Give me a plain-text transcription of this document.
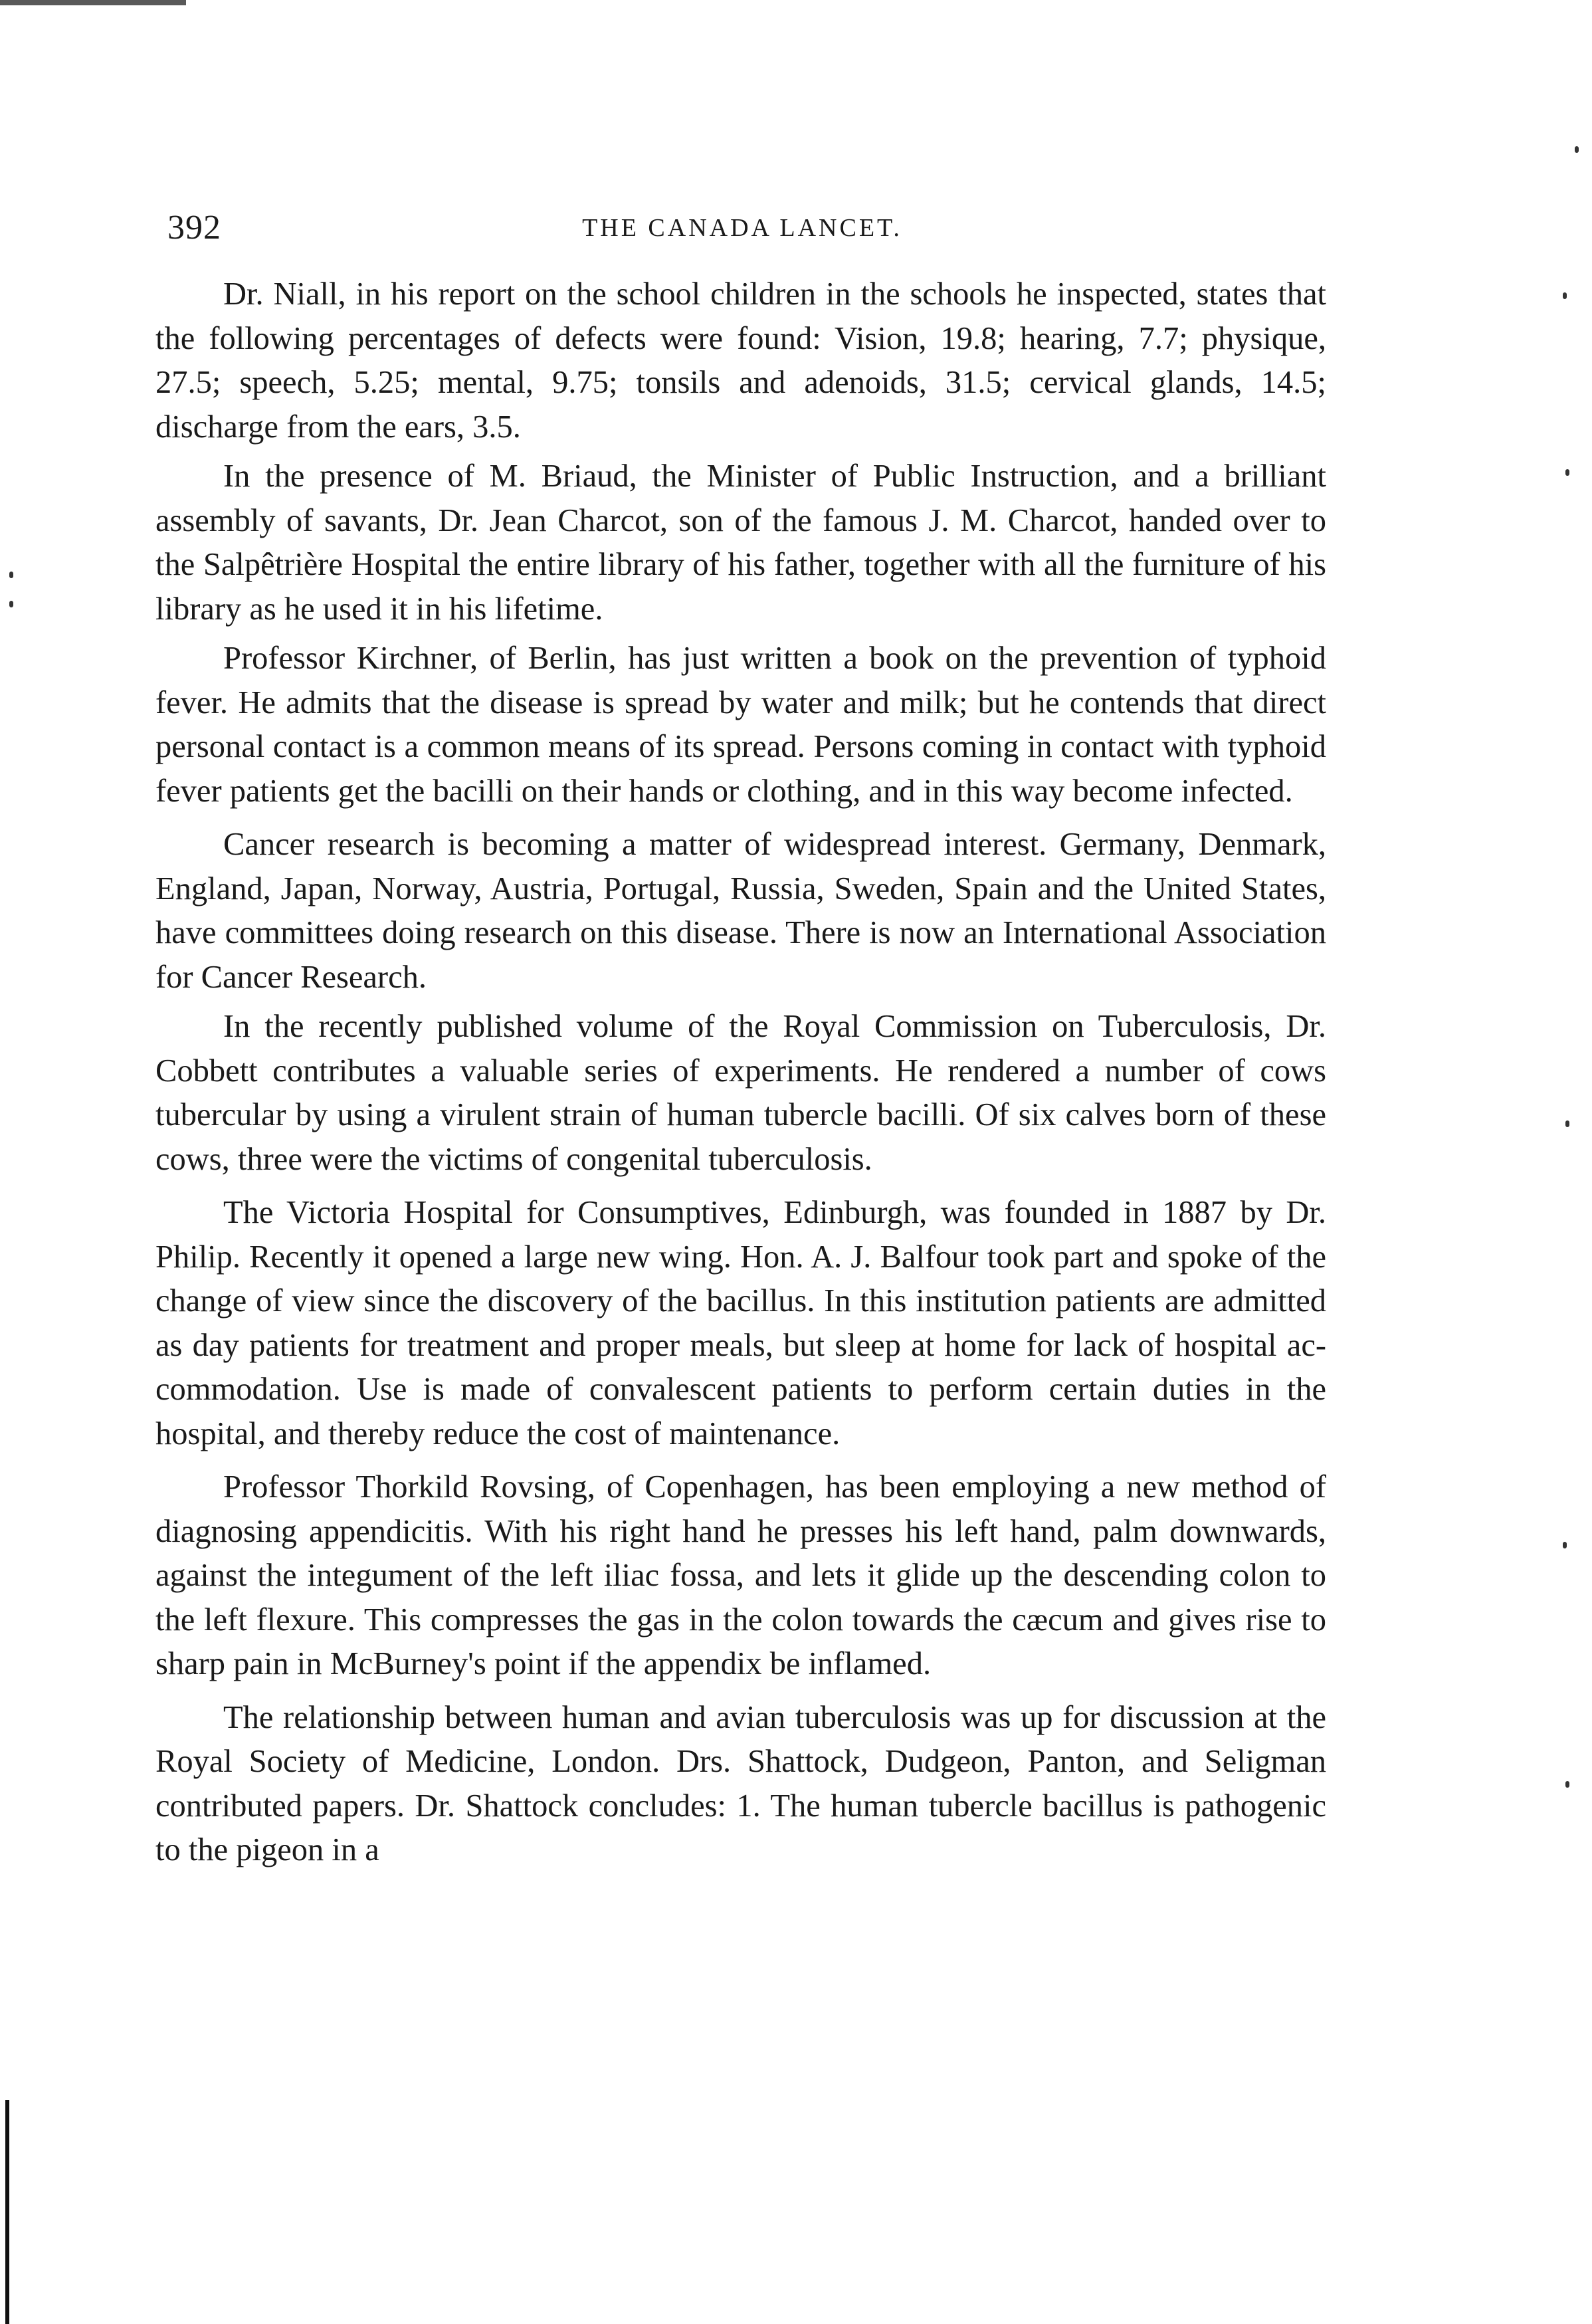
392	THE CANADA LANCET.

Dr. Niall, in his report on the school children in the schools he inspected, states that the following percentages of defects were found: Vision, 19.8; hearing, 7.7; physique, 27.5; speech, 5.25; mental, 9.75; tonsils and adenoids, 31.5; cervical glands, 14.5; discharge from the ears, 3.5.

In the presence of M. Briaud, the Minister of Public Instruction, and a brilliant assembly of savants, Dr. Jean Charcot, son of the famous J. M. Charcot, handed over to the Salpêtrière Hospital the entire library of his father, together with all the furniture of his library as he used it in his lifetime.

Professor Kirchner, of Berlin, has just written a book on the prevention of typhoid fever. He admits that the disease is spread by water and milk; but he contends that direct personal contact is a common means of its spread. Persons coming in contact with typhoid fever patients get the bacilli on their hands or clothing, and in this way become infected.

Cancer research is becoming a matter of widespread interest. Germany, Denmark, England, Japan, Norway, Austria, Portugal, Russia, Sweden, Spain and the United States, have committees doing research on this disease. There is now an International Association for Cancer Research.

In the recently published volume of the Royal Commission on Tuberculosis, Dr. Cobbett contributes a valuable series of experiments. He rendered a number of cows tubercular by using a virulent strain of human tubercle bacilli. Of six calves born of these cows, three were the victims of congenital tuberculosis.

The Victoria Hospital for Consumptives, Edinburgh, was founded in 1887 by Dr. Philip. Recently it opened a large new wing. Hon. A. J. Balfour took part and spoke of the change of view since the discovery of the bacillus. In this institution patients are admitted as day patients for treatment and proper meals, but sleep at home for lack of hospital accommodation. Use is made of convalescent patients to perform certain duties in the hospital, and thereby reduce the cost of maintenance.

Professor Thorkild Rovsing, of Copenhagen, has been employing a new method of diagnosing appendicitis. With his right hand he presses his left hand, palm downwards, against the integument of the left iliac fossa, and lets it glide up the descending colon to the left flexure. This compresses the gas in the colon towards the cæcum and gives rise to sharp pain in McBurney's point if the appendix be inflamed.

The relationship between human and avian tuberculosis was up for discussion at the Royal Society of Medicine, London. Drs. Shattock, Dudgeon, Panton, and Seligman contributed papers. Dr. Shattock concludes: 1. The human tubercle bacillus is pathogenic to the pigeon in a
